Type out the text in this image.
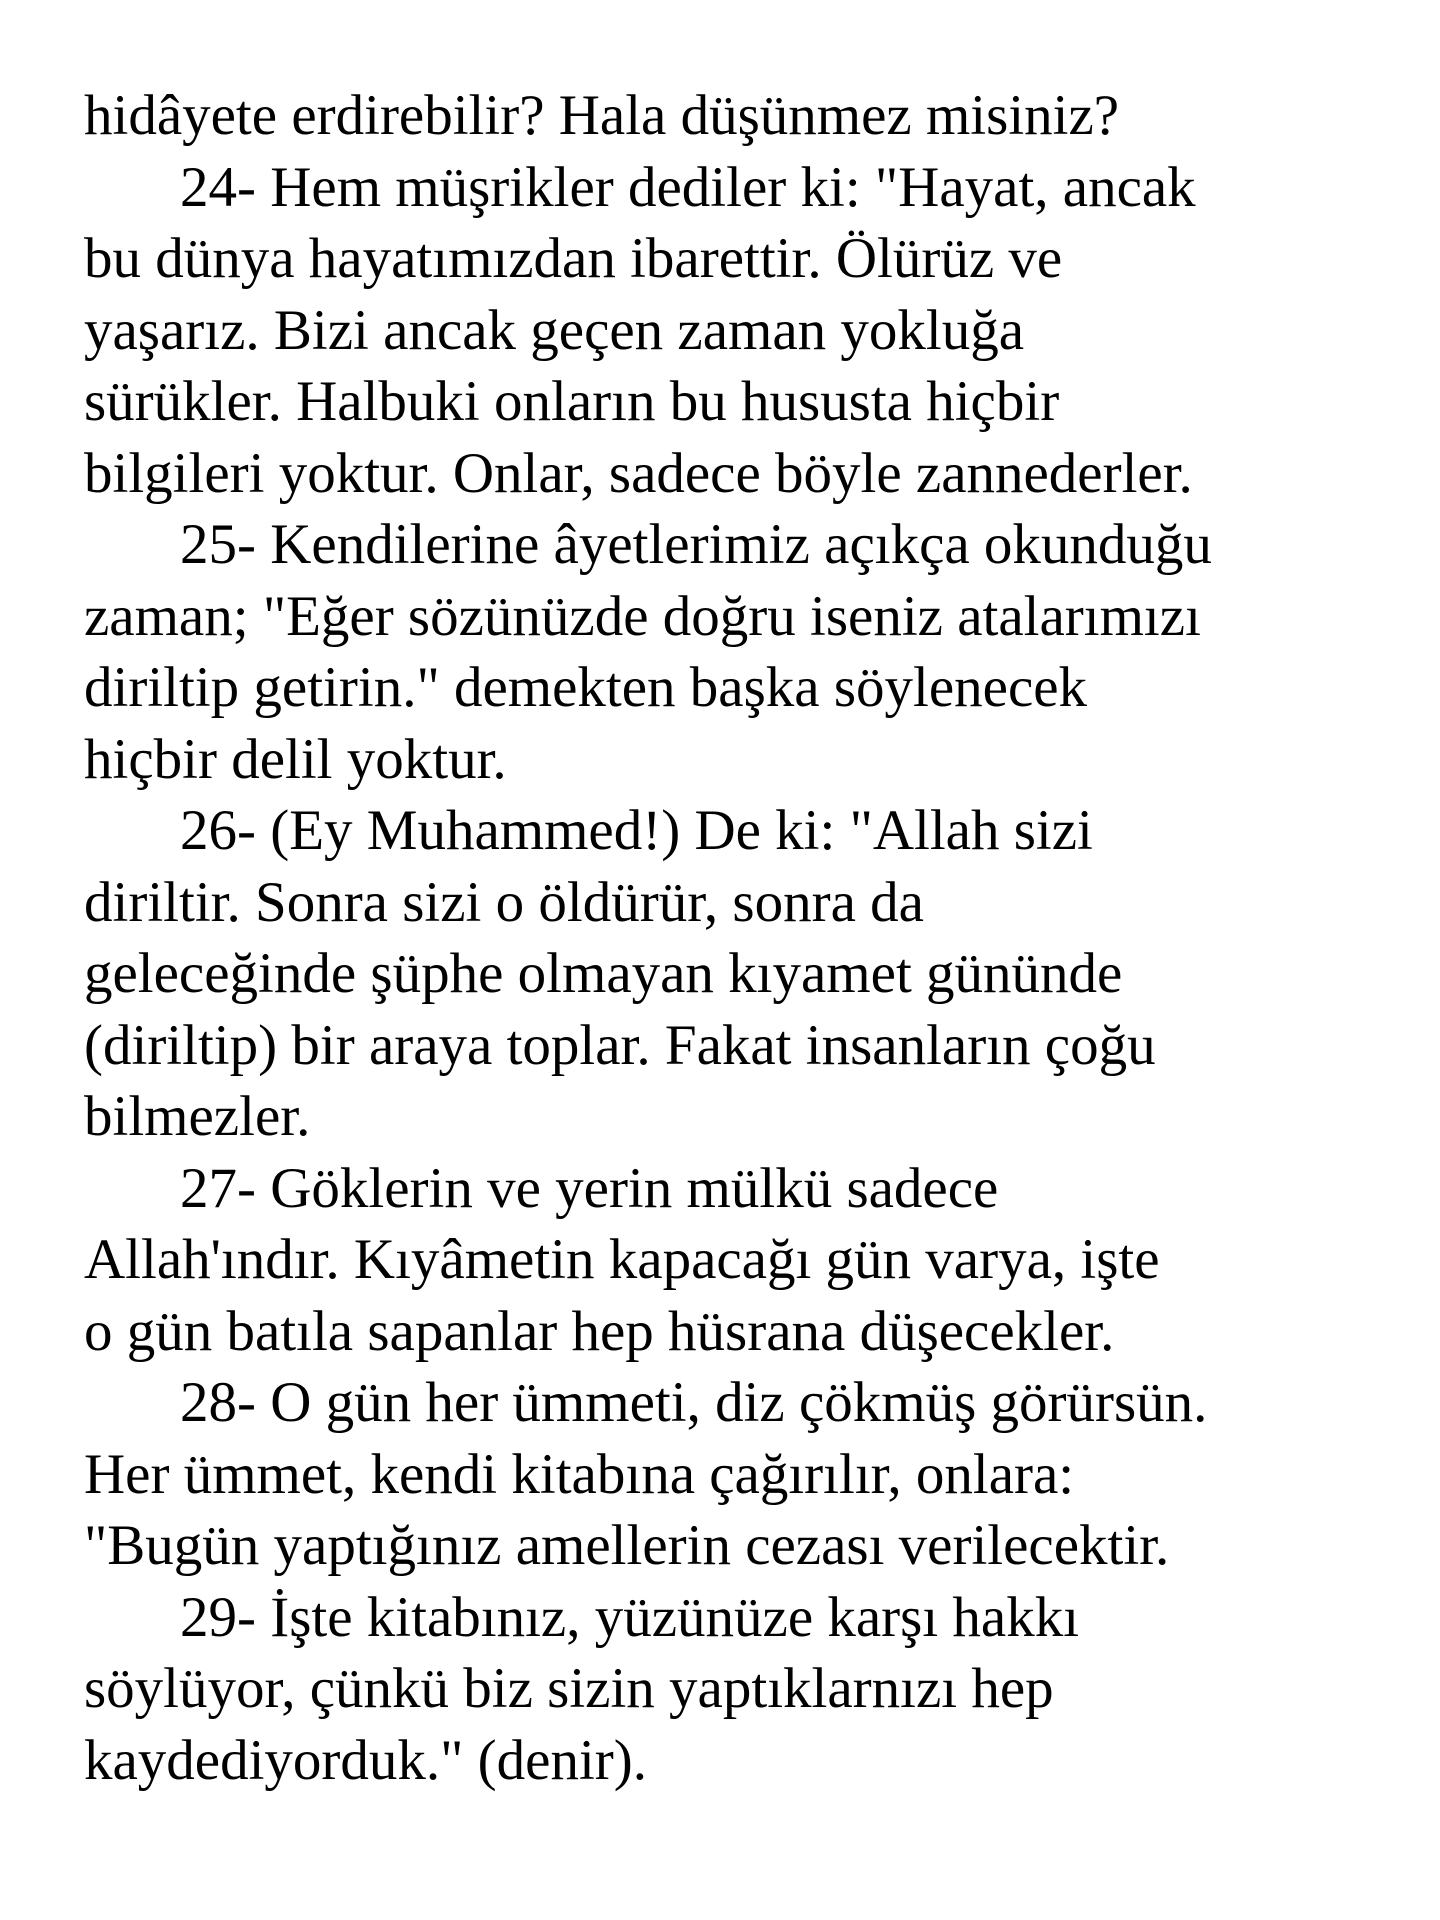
hidâyete erdirebilir? Hala düşünmez misiniz?
24- Hem müşrikler dediler ki: "Hayat, ancak
bu dünya hayatımızdan ibarettir. Ölürüz ve
yaşarız. Bizi ancak geçen zaman yokluğa
sürükler. Halbuki onların bu hususta hiçbir
bilgileri yoktur. Onlar, sadece böyle zannederler.
25- Kendilerine âyetlerimiz açıkça okunduğu
zaman; "Eğer sözünüzde doğru iseniz atalarımızı
diriltip getirin." demekten başka söylenecek
hiçbir delil yoktur.
26- (Ey Muhammed!) De ki: "Allah sizi
diriltir. Sonra sizi o öldürür, sonra da
geleceğinde şüphe olmayan kıyamet gününde
(diriltip) bir araya toplar. Fakat insanların çoğu
bilmezler.
27- Göklerin ve yerin mülkü sadece
Allah'ındır. Kıyâmetin kapacağı gün varya, işte
o gün batıla sapanlar hep hüsrana düşecekler.
28- O gün her ümmeti, diz çökmüş görürsün.
Her ümmet, kendi kitabına çağırılır, onlara:
"Bugün yaptığınız amellerin cezası verilecektir.
29- İşte kitabınız, yüzünüze karşı hakkı
söylüyor, çünkü biz sizin yaptıklarnızı hep
kaydediyorduk." (denir).
